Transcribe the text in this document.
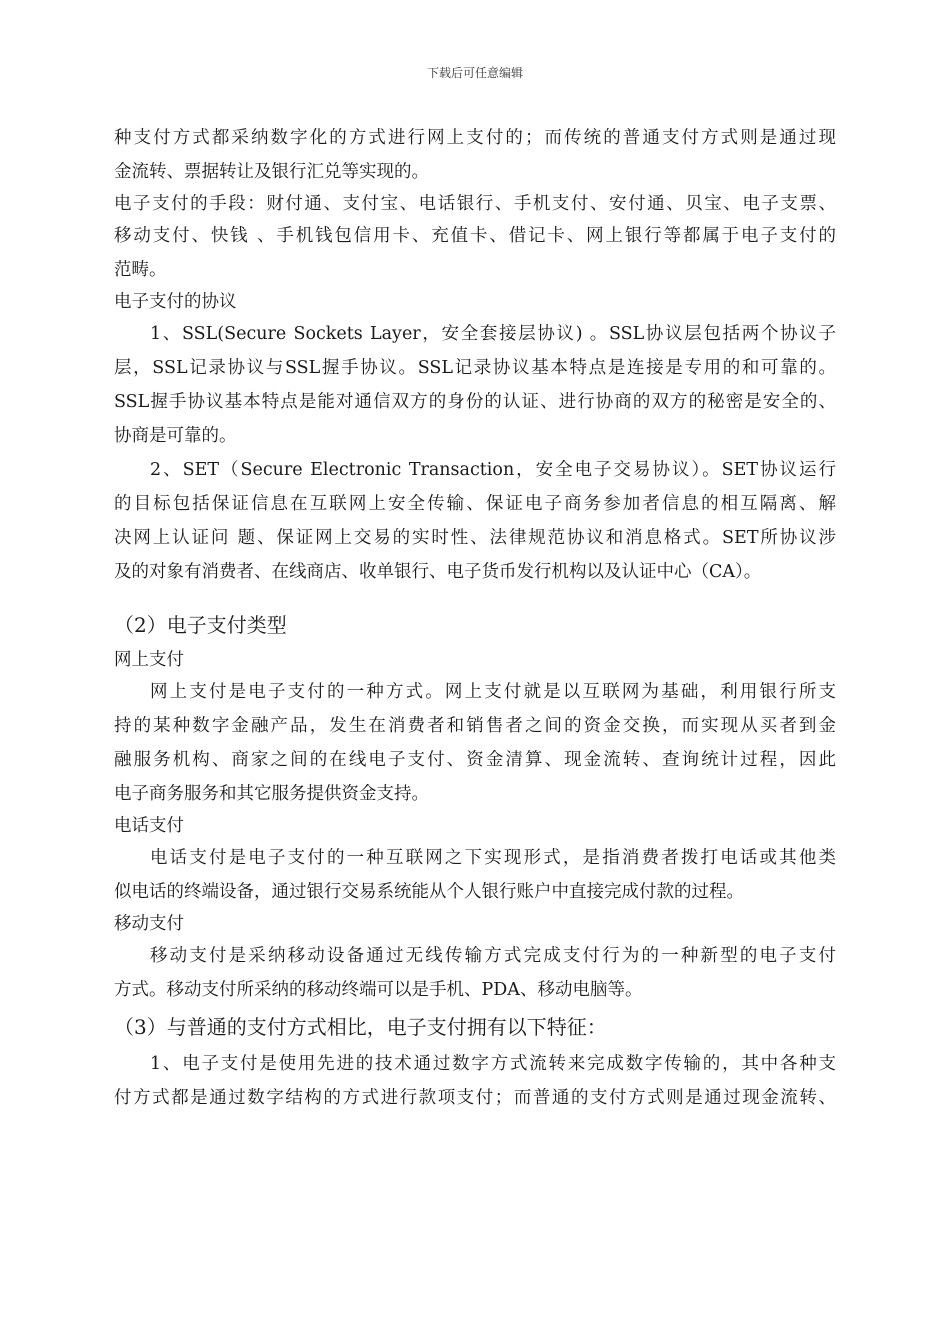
下载后可任意编辑
种支付方式都采纳数字化的方式进行网上支付的；而传统的普通支付方式则是通过现
金流转、票据转让及银行汇兑等实现的。
电子支付的手段：财付通、支付宝、电话银行、手机支付、安付通、贝宝、电子支票、
移动支付、快钱 、手机钱包信用卡、充值卡、借记卡、网上银行等都属于电子支付的
范畴。
电子支付的协议
1、SSL(Secure Sockets Layer，安全套接层协议) 。SSL协议层包括两个协议子
层，SSL记录协议与SSL握手协议。SSL记录协议基本特点是连接是专用的和可靠的。
SSL握手协议基本特点是能对通信双方的身份的认证、进行协商的双方的秘密是安全的、
协商是可靠的。
2、SET（Secure Electronic Transaction，安全电子交易协议）。SET协议运行
的目标包括保证信息在互联网上安全传输、保证电子商务参加者信息的相互隔离、解
决网上认证问 题、保证网上交易的实时性、法律规范协议和消息格式。SET所协议涉
及的对象有消费者、在线商店、收单银行、电子货币发行机构以及认证中心（CA）。
（2）电子支付类型
网上支付
网上支付是电子支付的一种方式。网上支付就是以互联网为基础，利用银行所支
持的某种数字金融产品，发生在消费者和销售者之间的资金交换，而实现从买者到金
融服务机构、商家之间的在线电子支付、资金清算、现金流转、查询统计过程，因此
电子商务服务和其它服务提供资金支持。
电话支付
电话支付是电子支付的一种互联网之下实现形式，是指消费者拨打电话或其他类
似电话的终端设备，通过银行交易系统能从个人银行账户中直接完成付款的过程。
移动支付
移动支付是采纳移动设备通过无线传输方式完成支付行为的一种新型的电子支付
方式。移动支付所采纳的移动终端可以是手机、PDA、移动电脑等。
（3）与普通的支付方式相比，电子支付拥有以下特征：
1、电子支付是使用先进的技术通过数字方式流转来完成数字传输的，其中各种支
付方式都是通过数字结构的方式进行款项支付；而普通的支付方式则是通过现金流转、
